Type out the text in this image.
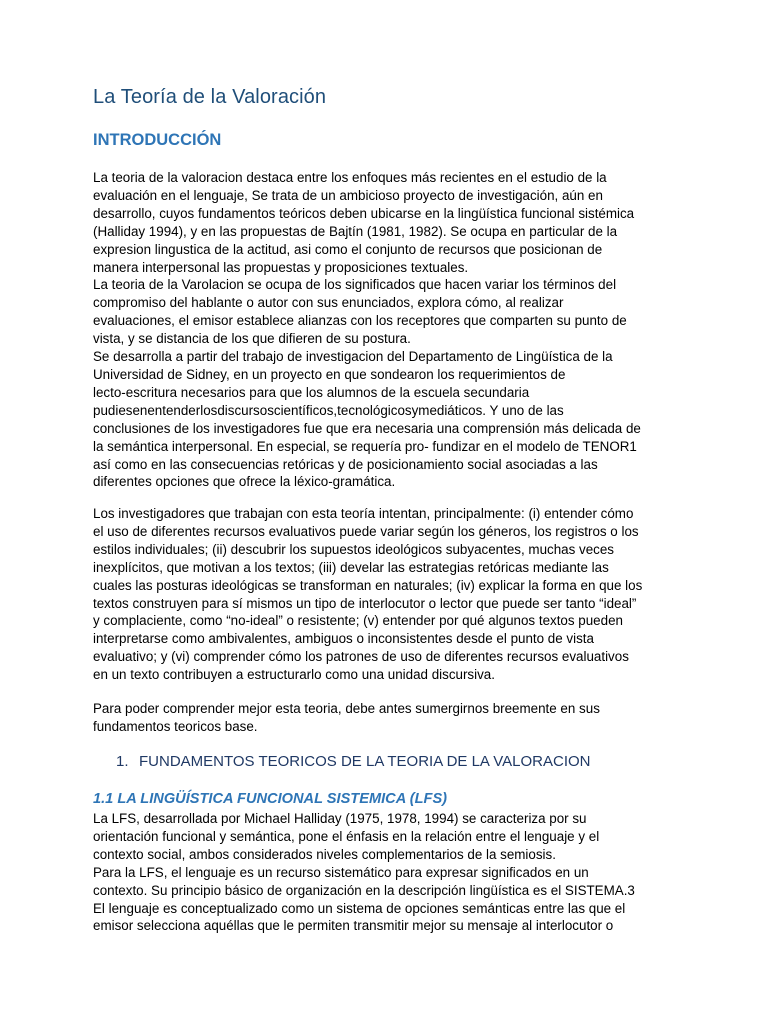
La Teoría de la Valoración
INTRODUCCIÓN

La teoria de la valoracion destaca entre los enfoques más recientes en el estudio de la

evaluación en el lenguaje, Se trata de un ambicioso proyecto de investigación, aún en

desarrollo, cuyos fundamentos teóricos deben ubicarse en la lingüística funcional sistémica

(Halliday 1994), y en las propuestas de Bajtín (1981, 1982). Se ocupa en particular de la

expresion lingustica de la actitud, asi como el conjunto de recursos que posicionan de

manera interpersonal las propuestas y proposiciones textuales.

La teoria de la Varolacion se ocupa de los significados que hacen variar los términos del

compromiso del hablante o autor con sus enunciados, explora cómo, al realizar

evaluaciones, el emisor establece alianzas con los receptores que comparten su punto de

vista, y se distancia de los que difieren de su postura.

Se desarrolla a partir del trabajo de investigacion del Departamento de Lingüística de la

Universidad de Sidney, en un proyecto en que sondearon los requerimientos de

lecto-escritura necesarios para que los alumnos de la escuela secundaria

pudiesenentenderlosdiscursoscientíficos,tecnológicosymediáticos. Y uno de las

conclusiones de los investigadores fue que era necesaria una comprensión más delicada de

la semántica interpersonal. En especial, se requería pro- fundizar en el modelo de TENOR1

así como en las consecuencias retóricas y de posicionamiento social asociadas a las

diferentes opciones que ofrece la léxico-gramática.

Los investigadores que trabajan con esta teoría intentan, principalmente: (i) entender cómo

el uso de diferentes recursos evaluativos puede variar según los géneros, los registros o los

estilos individuales; (ii) descubrir los supuestos ideológicos subyacentes, muchas veces

inexplícitos, que motivan a los textos; (iii) develar las estrategias retóricas mediante las

cuales las posturas ideológicas se transforman en naturales; (iv) explicar la forma en que los

textos construyen para sí mismos un tipo de interlocutor o lector que puede ser tanto “ideal”

y complaciente, como “no-ideal” o resistente; (v) entender por qué algunos textos pueden

interpretarse como ambivalentes, ambiguos o inconsistentes desde el punto de vista

evaluativo; y (vi) comprender cómo los patrones de uso de diferentes recursos evaluativos

en un texto contribuyen a estructurarlo como una unidad discursiva.

Para poder comprender mejor esta teoria, debe antes sumergirnos breemente en sus

fundamentos teoricos base.

1. FUNDAMENTOS TEORICOS DE LA TEORIA DE LA VALORACION
1.1 LA LINGÜÍSTICA FUNCIONAL SISTEMICA (LFS)

La LFS, desarrollada por Michael Halliday (1975, 1978, 1994) se caracteriza por su

orientación funcional y semántica, pone el énfasis en la relación entre el lenguaje y el

contexto social, ambos considerados niveles complementarios de la semiosis.

Para la LFS, el lenguaje es un recurso sistemático para expresar significados en un

contexto. Su principio básico de organización en la descripción lingüística es el SISTEMA.3

El lenguaje es conceptualizado como un sistema de opciones semánticas entre las que el

emisor selecciona aquéllas que le permiten transmitir mejor su mensaje al interlocutor o
